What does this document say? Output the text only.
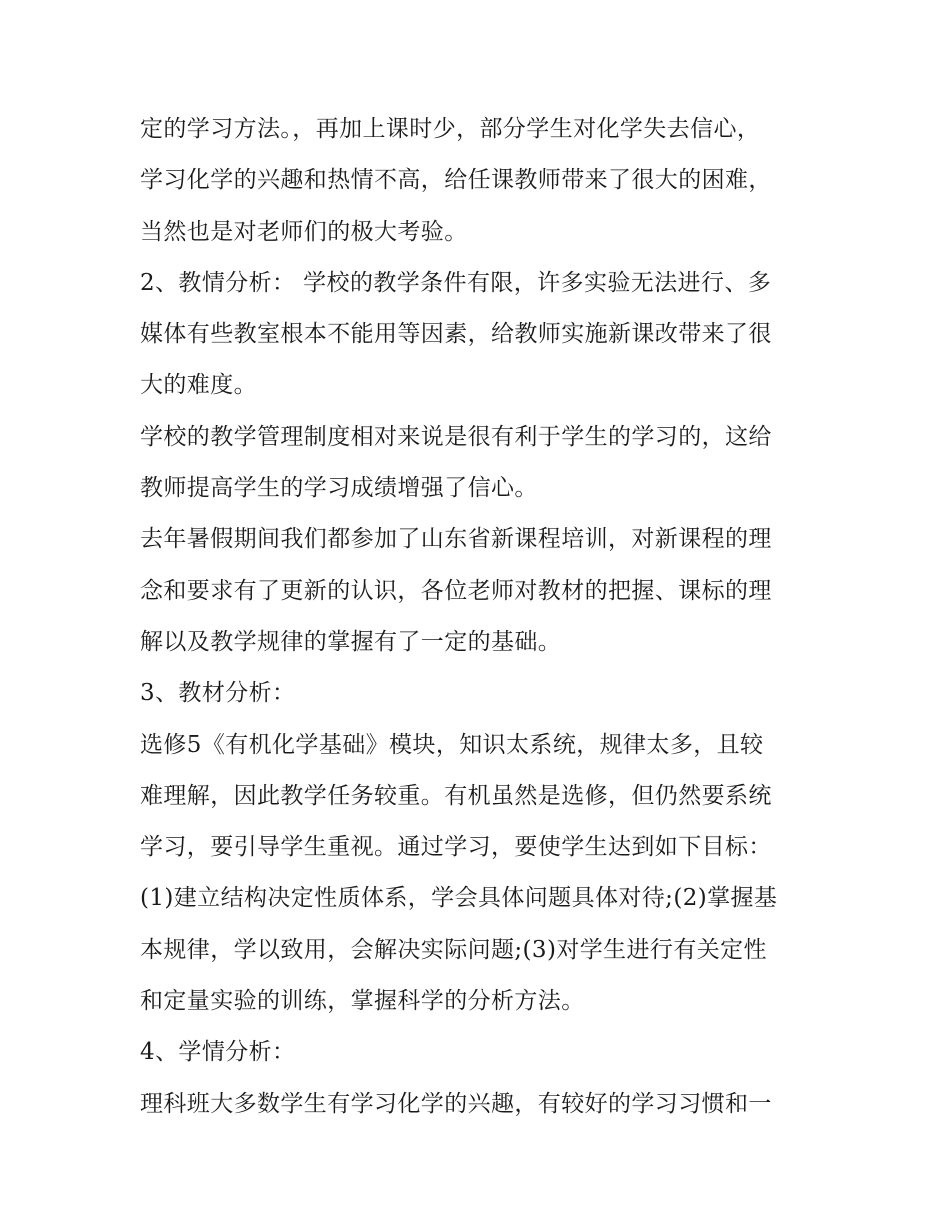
定的学习方法。，再加上课时少，部分学生对化学失去信心，
学习化学的兴趣和热情不高，给任课教师带来了很大的困难，
当然也是对老师们的极大考验。
2、教情分析： 学校的教学条件有限，许多实验无法进行、多
媒体有些教室根本不能用等因素，给教师实施新课改带来了很
大的难度。
学校的教学管理制度相对来说是很有利于学生的学习的，这给
教师提高学生的学习成绩增强了信心。
去年暑假期间我们都参加了山东省新课程培训，对新课程的理
念和要求有了更新的认识，各位老师对教材的把握、课标的理
解以及教学规律的掌握有了一定的基础。
3、教材分析：
选修5《有机化学基础》模块，知识太系统，规律太多，且较
难理解，因此教学任务较重。有机虽然是选修，但仍然要系统
学习，要引导学生重视。通过学习，要使学生达到如下目标：
(1)建立结构决定性质体系，学会具体问题具体对待;(2)掌握基
本规律，学以致用，会解决实际问题;(3)对学生进行有关定性
和定量实验的训练，掌握科学的分析方法。
4、学情分析：
理科班大多数学生有学习化学的兴趣，有较好的学习习惯和一
